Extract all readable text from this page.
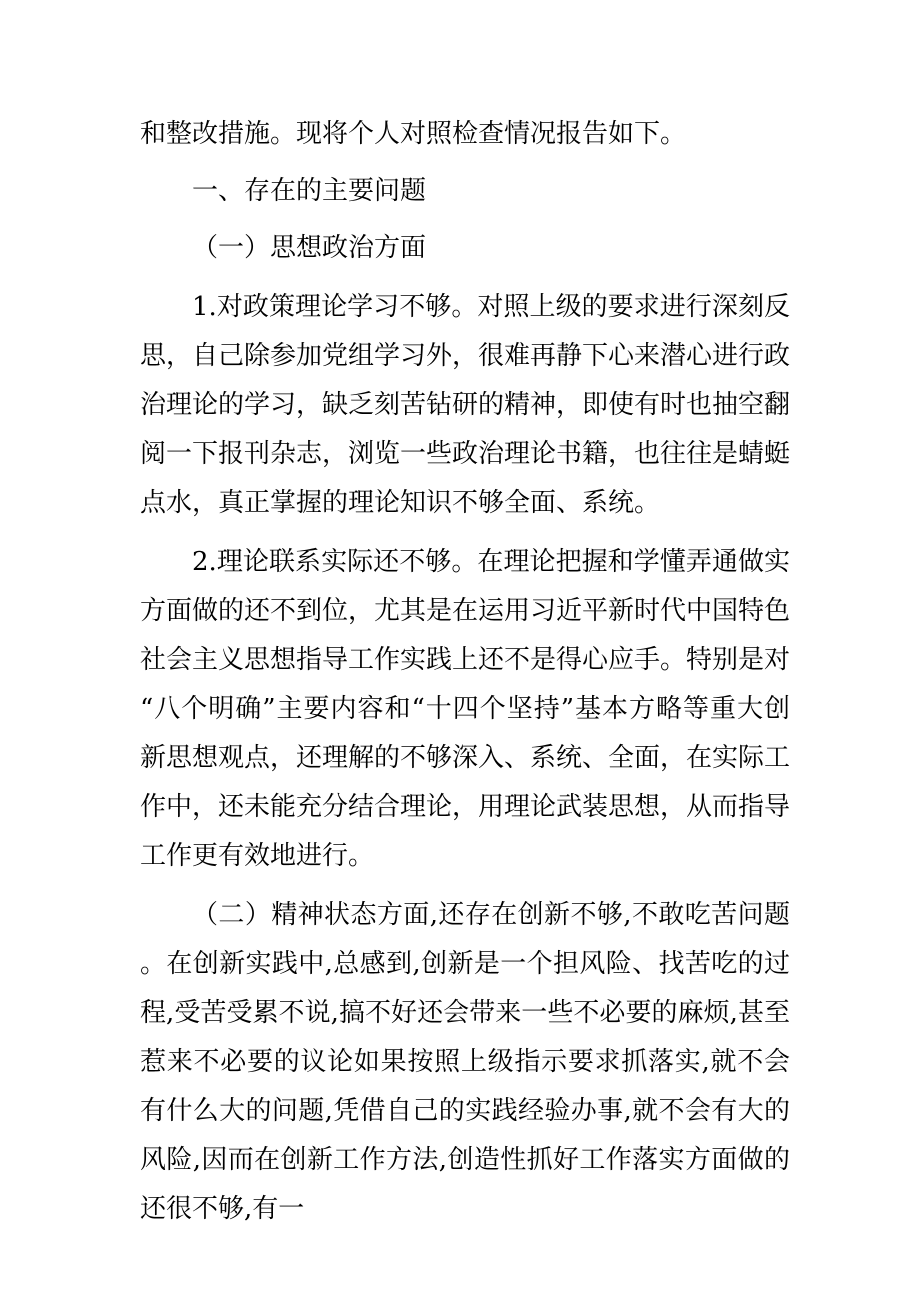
和整改措施。现将个人对照检查情况报告如下。

一、存在的主要问题

（一）思想政治方面

1.对政策理论学习不够。对照上级的要求进行深刻反思，自己除参加党组学习外，很难再静下心来潜心进行政治理论的学习，缺乏刻苦钻研的精神，即使有时也抽空翻阅一下报刊杂志，浏览一些政治理论书籍，也往往是蜻蜓点水，真正掌握的理论知识不够全面、系统。

2.理论联系实际还不够。在理论把握和学懂弄通做实方面做的还不到位，尤其是在运用习近平新时代中国特色社会主义思想指导工作实践上还不是得心应手。特别是对“八个明确”主要内容和“十四个坚持”基本方略等重大创新思想观点，还理解的不够深入、系统、全面，在实际工作中，还未能充分结合理论，用理论武装思想，从而指导工作更有效地进行。

（二）精神状态方面,还存在创新不够,不敢吃苦问题。在创新实践中,总感到,创新是一个担风险、找苦吃的过程,受苦受累不说,搞不好还会带来一些不必要的麻烦,甚至惹来不必要的议论如果按照上级指示要求抓落实,就不会有什么大的问题,凭借自己的实践经验办事,就不会有大的风险,因而在创新工作方法,创造性抓好工作落实方面做的还很不够,有一
